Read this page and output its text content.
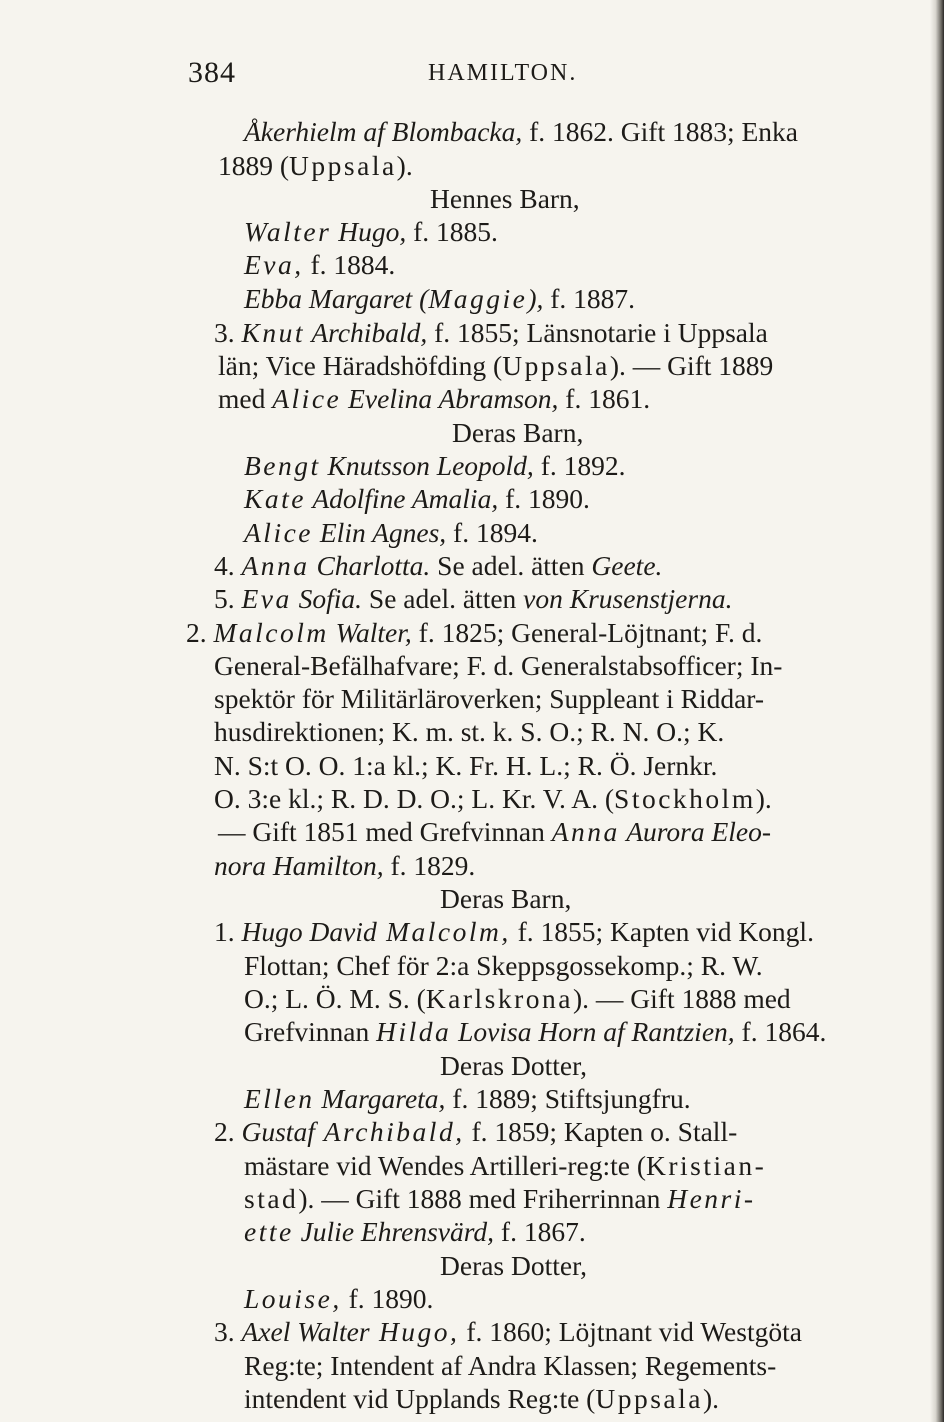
384	HAMILTON.
Åkerhielm af Blombacka, f. 1862. Gift 1883; Enka
1889 (Uppsala).
Hennes Barn,
Walter Hugo, f. 1885.
Eva, f. 1884.
Ebba Margaret (Maggie), f. 1887.
3. Knut Archibald, f. 1855; Länsnotarie i Uppsala
län; Vice Häradshöfding (Uppsala). — Gift 1889
med Alice Evelina Abramson, f. 1861.
Deras Barn,
Bengt Knutsson Leopold, f. 1892.
Kate Adolfine Amalia, f. 1890.
Alice Elin Agnes, f. 1894.
4. Anna Charlotta. Se adel. ätten Geete.
5. Eva Sofia. Se adel. ätten von Krusenstjerna.
2. Malcolm Walter, f. 1825; General-Löjtnant; F. d.
General-Befälhafvare; F. d. Generalstabsofficer; In-
spektör för Militärläroverken; Suppleant i Riddar-
husdirektionen; K. m. st. k. S. O.; R. N. O.; K.
N. S:t O. O. 1:a kl.; K. Fr. H. L.; R. Ö. Jernkr.
O. 3:e kl.; R. D. D. O.; L. Kr. V. A. (Stockholm).
— Gift 1851 med Grefvinnan Anna Aurora Eleo-
nora Hamilton, f. 1829.
Deras Barn,
1. Hugo David Malcolm, f. 1855; Kapten vid Kongl.
Flottan; Chef för 2:a Skeppsgossekomp.; R. W.
O.; L. Ö. M. S. (Karlskrona). — Gift 1888 med
Grefvinnan Hilda Lovisa Horn af Rantzien, f. 1864.
Deras Dotter,
Ellen Margareta, f. 1889; Stiftsjungfru.
2. Gustaf Archibald, f. 1859; Kapten o. Stall-
mästare vid Wendes Artilleri-reg:te (Kristian-
stad). — Gift 1888 med Friherrinnan Henri-
ette Julie Ehrensvärd, f. 1867.
Deras Dotter,
Louise, f. 1890.
3. Axel Walter Hugo, f. 1860; Löjtnant vid Westgöta
Reg:te; Intendent af Andra Klassen; Regements-
intendent vid Upplands Reg:te (Uppsala).
